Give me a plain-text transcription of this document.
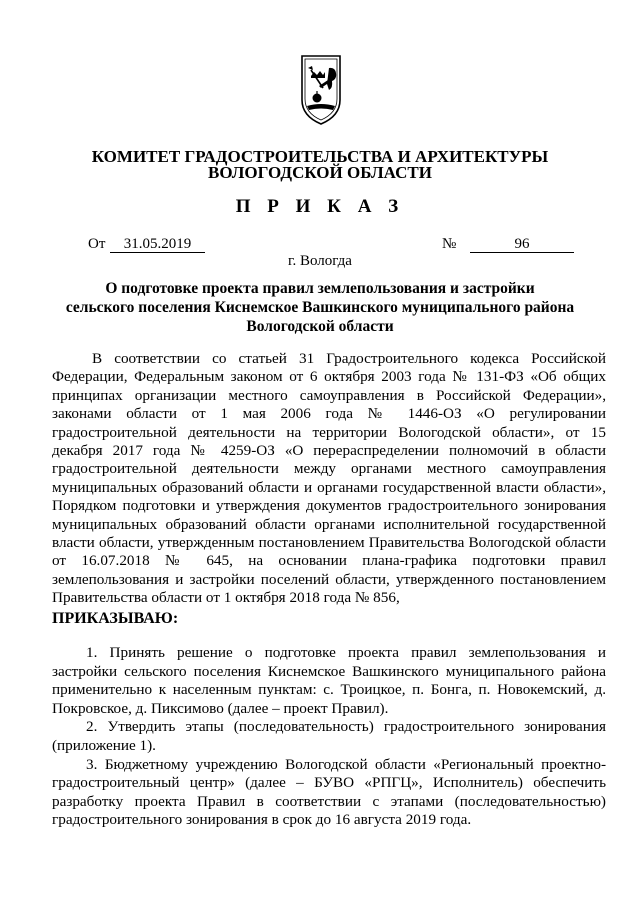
КОМИТЕТ ГРАДОСТРОИТЕЛЬСТВА И АРХИТЕКТУРЫ
ВОЛОГОДСКОЙ ОБЛАСТИ
П Р И К А З
От	31.05.2019	№	96
г. Вологда
О подготовке проекта правил землепользования и застройки
сельского поселения Киснемское Вашкинского муниципального района
Вологодской области
В соответствии со статьей 31 Градостроительного кодекса Российской Федерации, Федеральным законом от 6 октября 2003 года № 131-ФЗ «Об общих принципах организации местного самоуправления в Российской Федерации», законами области от 1 мая 2006 года № 1446-ОЗ «О регулировании градостроительной деятельности на территории Вологодской области», от 15 декабря 2017 года № 4259-ОЗ «О перераспределении полномочий в области градостроительной деятельности между органами местного самоуправления муниципальных образований области и органами государственной власти области», Порядком подготовки и утверждения документов градостроительного зонирования муниципальных образований области органами исполнительной государственной власти области, утвержденным постановлением Правительства Вологодской области от 16.07.2018 № 645, на основании плана-графика подготовки правил землепользования и застройки поселений области, утвержденного постановлением Правительства области от 1 октября 2018 года № 856,
ПРИКАЗЫВАЮ:

1. Принять решение о подготовке проекта правил землепользования и застройки сельского поселения Киснемское Вашкинского муниципального района применительно к населенным пунктам: с. Троицкое, п. Бонга, п. Новокемский, д. Покровское, д. Пиксимово (далее – проект Правил).

2. Утвердить этапы (последовательность) градостроительного зонирования (приложение 1).

3. Бюджетному учреждению Вологодской области «Региональный проектно-градостроительный центр» (далее – БУВО «РПГЦ», Исполнитель) обеспечить разработку проекта Правил в соответствии с этапами (последовательностью) градостроительного зонирования в срок до 16 августа 2019 года.
